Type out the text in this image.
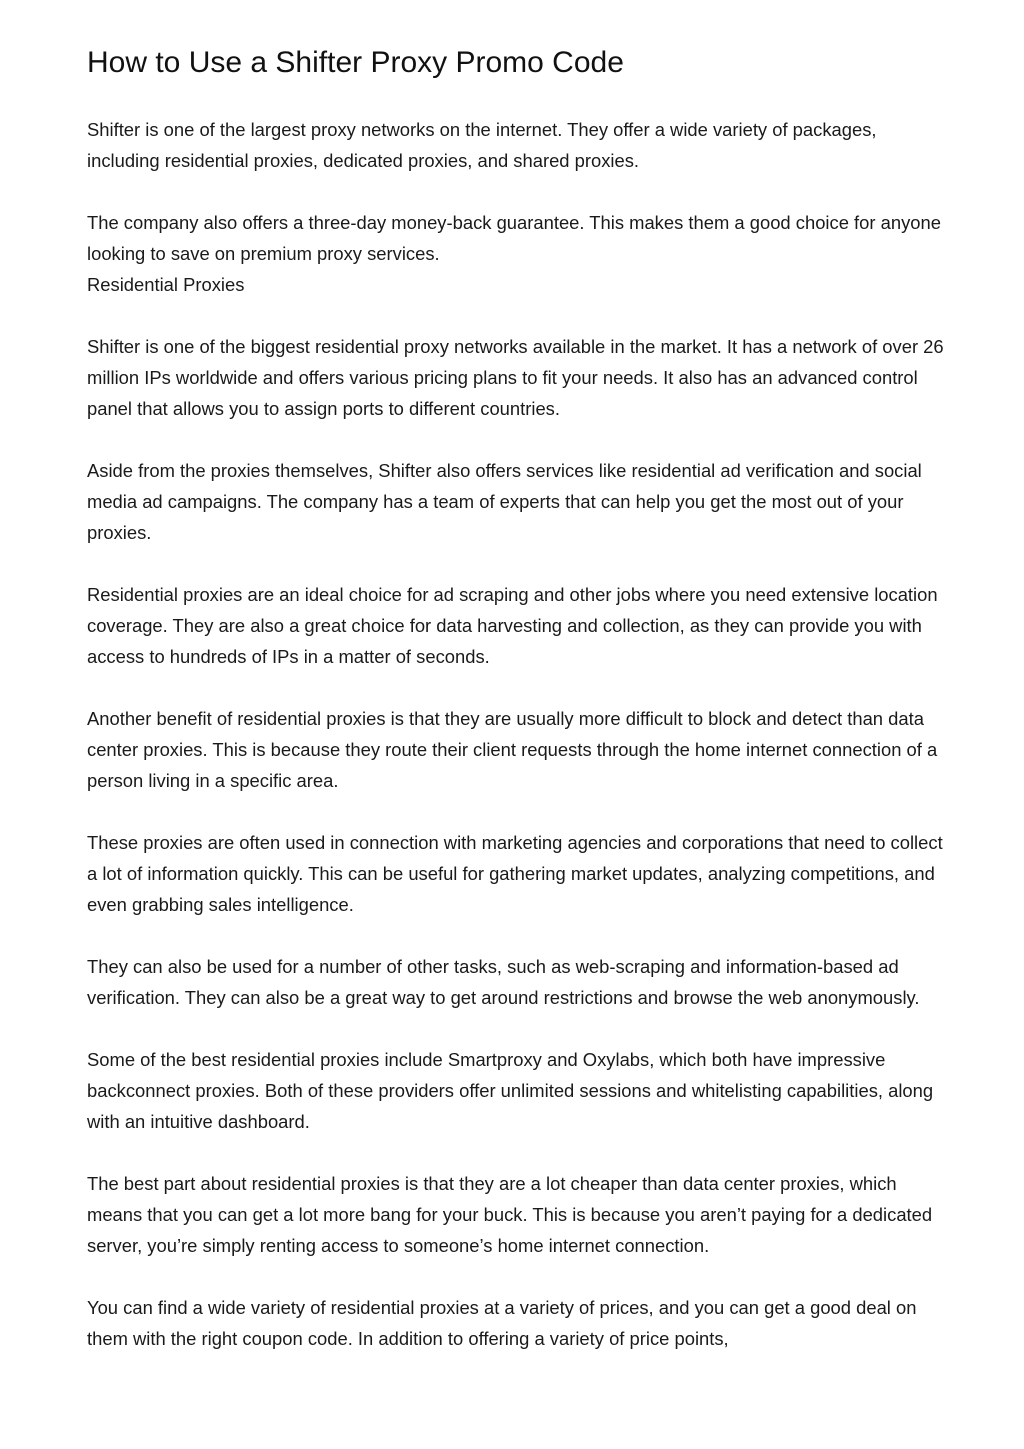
How to Use a Shifter Proxy Promo Code

Shifter is one of the largest proxy networks on the internet. They offer a wide variety of packages, including residential proxies, dedicated proxies, and shared proxies.

The company also offers a three-day money-back guarantee. This makes them a good choice for anyone looking to save on premium proxy services.

Residential Proxies

Shifter is one of the biggest residential proxy networks available in the market. It has a network of over 26 million IPs worldwide and offers various pricing plans to fit your needs. It also has an advanced control panel that allows you to assign ports to different countries.

Aside from the proxies themselves, Shifter also offers services like residential ad verification and social media ad campaigns. The company has a team of experts that can help you get the most out of your proxies.

Residential proxies are an ideal choice for ad scraping and other jobs where you need extensive location coverage. They are also a great choice for data harvesting and collection, as they can provide you with access to hundreds of IPs in a matter of seconds.

Another benefit of residential proxies is that they are usually more difficult to block and detect than data center proxies. This is because they route their client requests through the home internet connection of a person living in a specific area.

These proxies are often used in connection with marketing agencies and corporations that need to collect a lot of information quickly. This can be useful for gathering market updates, analyzing competitions, and even grabbing sales intelligence.

They can also be used for a number of other tasks, such as web-scraping and information-based ad verification. They can also be a great way to get around restrictions and browse the web anonymously.

Some of the best residential proxies include Smartproxy and Oxylabs, which both have impressive backconnect proxies. Both of these providers offer unlimited sessions and whitelisting capabilities, along with an intuitive dashboard.

The best part about residential proxies is that they are a lot cheaper than data center proxies, which means that you can get a lot more bang for your buck. This is because you aren’t paying for a dedicated server, you’re simply renting access to someone’s home internet connection.

You can find a wide variety of residential proxies at a variety of prices, and you can get a good deal on them with the right coupon code. In addition to offering a variety of price points,
